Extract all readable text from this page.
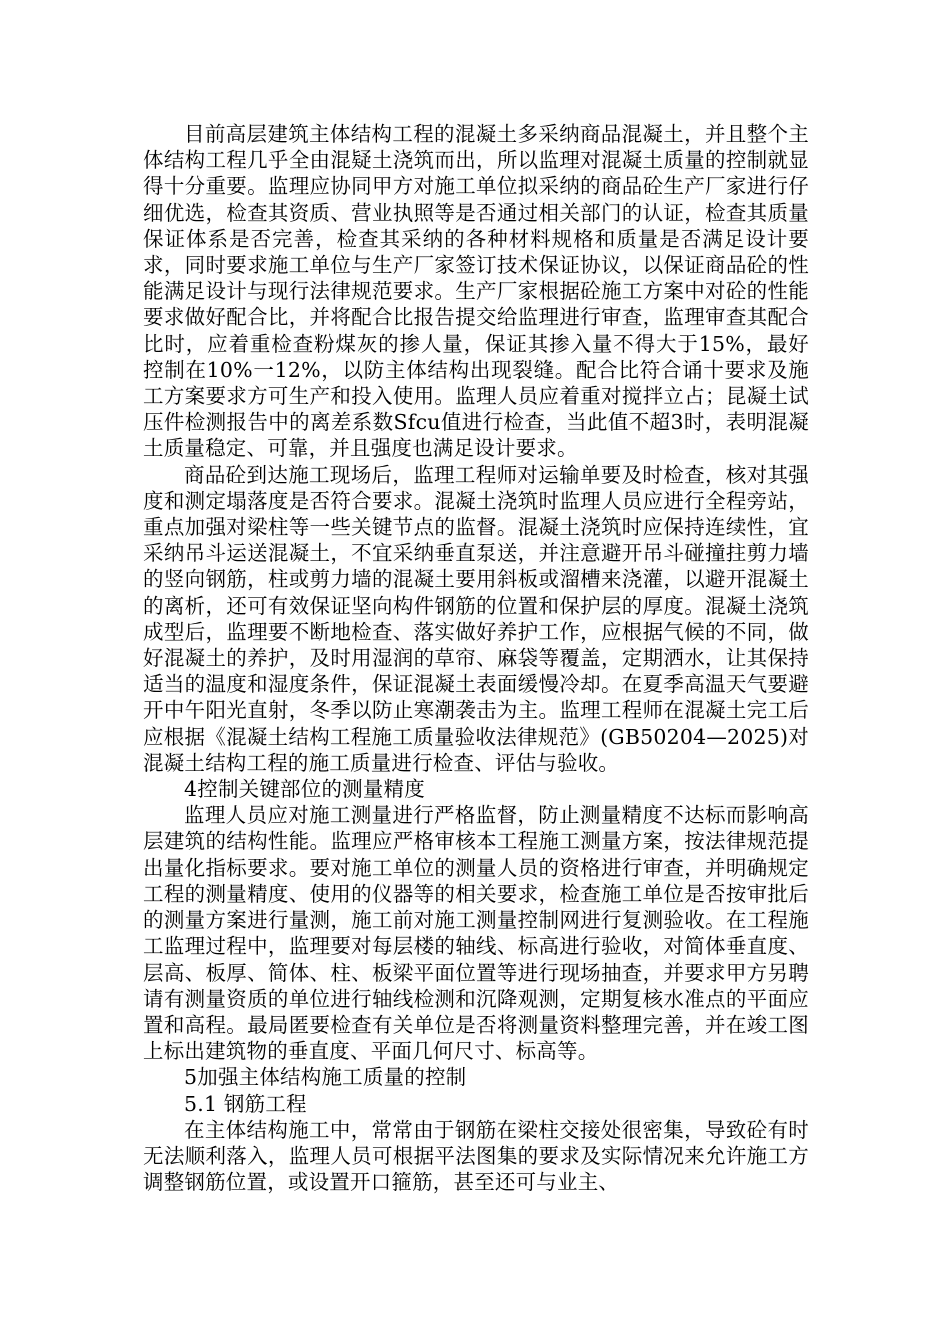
目前高层建筑主体结构工程的混凝土多采纳商品混凝土，并且整个主体结构工程几乎全由混疑土浇筑而出，所以监理对混凝土质量的控制就显得十分重要。监理应协同甲方对施工单位拟采纳的商品砼生产厂家进行仔细优选，检查其资质、营业执照等是否通过相关部门的认证，检查其质量保证体系是否完善，检查其采纳的各种材料规格和质量是否满足设计要求，同时要求施工单位与生产厂家签订技术保证协议，以保证商品砼的性能满足设计与现行法律规范要求。生产厂家根据砼施工方案中对砼的性能要求做好配合比，并将配合比报告提交给监理进行审查，监理审查其配合比时，应着重检查粉煤灰的掺人量，保证其掺入量不得大于15%，最好控制在10%一12%，以防主体结构出现裂缝。配合比符合诵十要求及施工方案要求方可生产和投入使用。监理人员应着重对搅拌立占；昆凝土试压件检测报告中的离差系数Sfcu值进行检查，当此值不超3时，表明混凝土质量稳定、可靠，并且强度也满足设计要求。

商品砼到达施工现场后，监理工程师对运输单要及时检查，核对其强度和测定塌落度是否符合要求。混凝土浇筑时监理人员应进行全程旁站，重点加强对梁柱等一些关键节点的监督。混凝土浇筑时应保持连续性，宜采纳吊斗运送混凝土，不宜采纳垂直泵送，并注意避开吊斗碰撞拄剪力墙的竖向钢筋，柱或剪力墙的混凝土要用斜板或溜槽来浇灌，以避开混凝土的离析，还可有效保证坚向构件钢筋的位置和保护层的厚度。混凝土浇筑成型后，监理要不断地检查、落实做好养护工作，应根据气候的不同，做好混凝土的养护，及时用湿润的草帘、麻袋等覆盖，定期洒水，让其保持适当的温度和湿度条件，保证混凝土表面缓慢冷却。在夏季高温天气要避开中午阳光直射，冬季以防止寒潮袭击为主。监理工程师在混凝土完工后应根据《混凝土结构工程施工质量验收法律规范》(GB50204—2025)对混凝土结构工程的施工质量进行检查、评估与验收。

4控制关键部位的测量精度

监理人员应对施工测量进行严格监督，防止测量精度不达标而影响高层建筑的结构性能。监理应严格审核本工程施工测量方案，按法律规范提出量化指标要求。要对施工单位的测量人员的资格进行审查，并明确规定工程的测量精度、使用的仪器等的相关要求，检查施工单位是否按审批后的测量方案进行量测，施工前对施工测量控制网进行复测验收。在工程施工监理过程中，监理要对每层楼的轴线、标高进行验收，对简体垂直度、层高、板厚、简体、柱、板梁平面位置等进行现场抽查，并要求甲方另聘请有测量资质的单位进行轴线检测和沉降观测，定期复核水准点的平面应置和高程。最局匿要检查有关单位是否将测量资料整理完善，并在竣工图上标出建筑物的垂直度、平面几何尺寸、标高等。

5加强主体结构施工质量的控制

5.1 钢筋工程

在主体结构施工中，常常由于钢筋在梁柱交接处很密集，导致砼有时无法顺利落入，监理人员可根据平法图集的要求及实际情况来允许施工方调整钢筋位置，或设置开口箍筋，甚至还可与业主、
